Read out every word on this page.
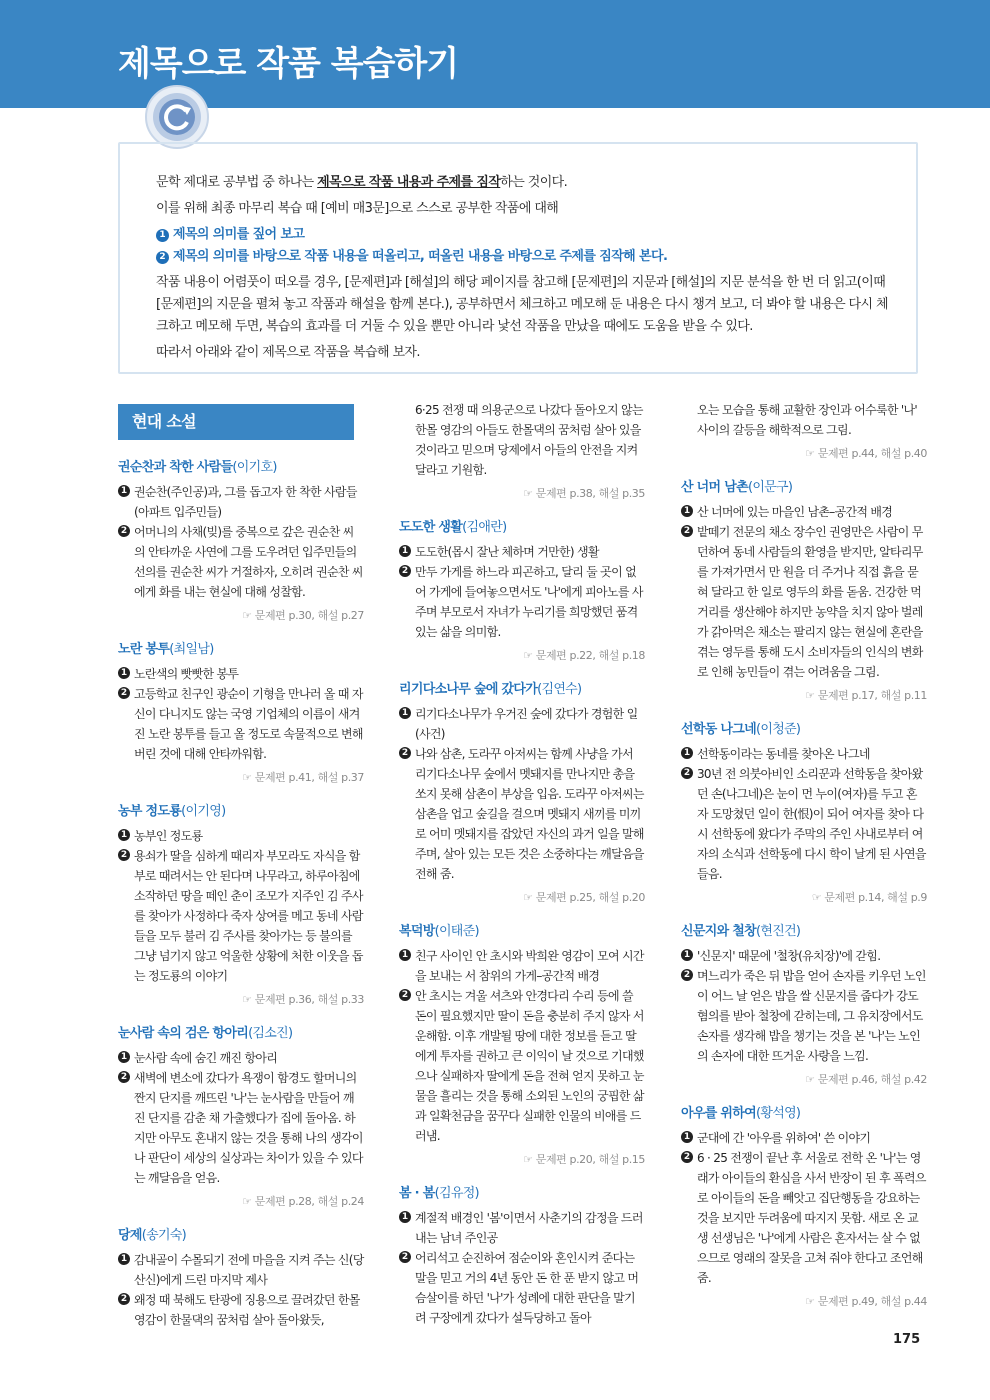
제목으로 작품 복습하기

문학 제대로 공부법 중 하나는 제목으로 작품 내용과 주제를 짐작하는 것이다.

이를 위해 최종 마무리 복습 때 [예비 매3문]으로 스스로 공부한 작품에 대해

1 제목의 의미를 짚어 보고

2 제목의 의미를 바탕으로 작품 내용을 떠올리고, 떠올린 내용을 바탕으로 주제를 짐작해 본다.

작품 내용이 어렴풋이 떠오를 경우, [문제편]과 [해설]의 해당 페이지를 참고해 [문제편]의 지문과 [해설]의 지문 분석을 한 번 더 읽고(이때 [문제편]의 지문을 펼쳐 놓고 작품과 해설을 함께 본다.), 공부하면서 체크하고 메모해 둔 내용은 다시 챙겨 보고, 더 봐야 할 내용은 다시 체크하고 메모해 두면, 복습의 효과를 더 거둘 수 있을 뿐만 아니라 낯선 작품을 만났을 때에도 도움을 받을 수 있다.

따라서 아래와 같이 제목으로 작품을 복습해 보자.

현대 소설

권순찬과 착한 사람들(이기호)

1 권순찬(주인공)과, 그를 돕고자 한 착한 사람들(아파트 입주민들)

2 어머니의 사채(빚)를 중복으로 갚은 권순찬 씨의 안타까운 사연에 그를 도우려던 입주민들의 선의를 권순찬 씨가 거절하자, 오히려 권순찬 씨에게 화를 내는 현실에 대해 성찰함.

☞ 문제편 p.30, 해설 p.27

노란 봉투(최일남)

1 노란색의 빳빳한 봉투

2 고등학교 친구인 광순이 기형을 만나러 올 때 자신이 다니지도 않는 국영 기업체의 이름이 새겨진 노란 봉투를 들고 올 정도로 속물적으로 변해 버린 것에 대해 안타까워함.

☞ 문제편 p.41, 해설 p.37

농부 정도룡(이기영)

1 농부인 정도룡

2 용쇠가 딸을 심하게 때리자 부모라도 자식을 함부로 때려서는 안 된다며 나무라고, 하루아침에 소작하던 땅을 떼인 춘이 조모가 지주인 김 주사를 찾아가 사정하다 죽자 상여를 메고 동네 사람들을 모두 불러 김 주사를 찾아가는 등 불의를 그냥 넘기지 않고 억울한 상황에 처한 이웃을 돕는 정도룡의 이야기

☞ 문제편 p.36, 해설 p.33

눈사람 속의 검은 항아리(김소진)

1 눈사람 속에 숨긴 깨진 항아리

2 새벽에 변소에 갔다가 욕쟁이 함경도 할머니의 짠지 단지를 깨뜨린 '나'는 눈사람을 만들어 깨진 단지를 감춘 채 가출했다가 집에 돌아옴. 하지만 아무도 혼내지 않는 것을 통해 나의 생각이나 판단이 세상의 실상과는 차이가 있을 수 있다는 깨달음을 얻음.

☞ 문제편 p.28, 해설 p.24

당제(송기숙)

1 감내골이 수몰되기 전에 마을을 지켜 주는 신(당산신)에게 드린 마지막 제사

2 왜정 때 북해도 탄광에 징용으로 끌려갔던 한몰 영감이 한물댁의 꿈처럼 살아 돌아왔듯,

6·25 전쟁 때 의용군으로 나갔다 돌아오지 않는 한몰 영감의 아들도 한몰댁의 꿈처럼 살아 있을 것이라고 믿으며 당제에서 아들의 안전을 지켜 달라고 기원함.

☞ 문제편 p.38, 해설 p.35

도도한 생활(김애란)

1 도도한(몹시 잘난 체하며 거만한) 생활

2 만두 가게를 하느라 피곤하고, 달리 둘 곳이 없어 가게에 들여놓으면서도 '나'에게 피아노를 사 주며 부모로서 자녀가 누리기를 희망했던 품격 있는 삶을 의미함.

☞ 문제편 p.22, 해설 p.18

리기다소나무 숲에 갔다가(김연수)

1 리기다소나무가 우거진 숲에 갔다가 경험한 일(사건)

2 나와 삼촌, 도라꾸 아저씨는 함께 사냥을 가서 리기다소나무 숲에서 멧돼지를 만나지만 총을 쏘지 못해 삼촌이 부상을 입음. 도라꾸 아저씨는 삼촌을 업고 숲길을 걸으며 멧돼지 새끼를 미끼로 어미 멧돼지를 잡았던 자신의 과거 일을 말해 주며, 살아 있는 모든 것은 소중하다는 깨달음을 전해 줌.

☞ 문제편 p.25, 해설 p.20

복덕방(이태준)

1 친구 사이인 안 초시와 박희완 영감이 모여 시간을 보내는 서 참위의 가게–공간적 배경

2 안 초시는 겨울 셔츠와 안경다리 수리 등에 쓸 돈이 필요했지만 딸이 돈을 충분히 주지 않자 서운해함. 이후 개발될 땅에 대한 정보를 듣고 딸에게 투자를 권하고 큰 이익이 날 것으로 기대했으나 실패하자 딸에게 돈을 전혀 얻지 못하고 눈물을 흘리는 것을 통해 소외된 노인의 궁핍한 삶과 일확천금을 꿈꾸다 실패한 인물의 비애를 드러냄.

☞ 문제편 p.20, 해설 p.15

봄 · 봄(김유정)

1 계절적 배경인 '봄'이면서 사춘기의 감정을 드러내는 남녀 주인공

2 어리석고 순진하여 점순이와 혼인시켜 준다는 말을 믿고 거의 4년 동안 돈 한 푼 받지 않고 머슴살이를 하던 '나'가 성례에 대한 판단을 말기려 구장에게 갔다가 설득당하고 돌아

오는 모습을 통해 교활한 장인과 어수룩한 '나' 사이의 갈등을 해학적으로 그림.

☞ 문제편 p.44, 해설 p.40

산 너머 남촌(이문구)

1 산 너머에 있는 마을인 남촌–공간적 배경

2 밭떼기 전문의 채소 장수인 권영만은 사람이 무던하여 동네 사람들의 환영을 받지만, 알타리무를 가져가면서 만 원을 더 주거나 직접 흙을 묻혀 달라고 한 일로 영두의 화를 돋움. 건강한 먹거리를 생산해야 하지만 농약을 치지 않아 벌레가 갉아먹은 채소는 팔리지 않는 현실에 혼란을 겪는 영두를 통해 도시 소비자들의 인식의 변화로 인해 농민들이 겪는 어려움을 그림.

☞ 문제편 p.17, 해설 p.11

선학동 나그네(이청준)

1 선학동이라는 동네를 찾아온 나그네

2 30년 전 의붓아비인 소리꾼과 선학동을 찾아왔던 손(나그네)은 눈이 먼 누이(여자)를 두고 혼자 도망쳤던 일이 한(恨)이 되어 여자를 찾아 다시 선학동에 왔다가 주막의 주인 사내로부터 여자의 소식과 선학동에 다시 학이 날게 된 사연을 들음.

☞ 문제편 p.14, 해설 p.9

신문지와 철창(현진건)

1 '신문지' 때문에 '철창(유치장)'에 갇힘.

2 며느리가 죽은 뒤 밥을 얻어 손자를 키우던 노인이 어느 날 얻은 밥을 쌀 신문지를 줍다가 강도 혐의를 받아 철창에 갇히는데, 그 유치장에서도 손자를 생각해 밥을 챙기는 것을 본 '나'는 노인의 손자에 대한 뜨거운 사랑을 느낌.

☞ 문제편 p.46, 해설 p.42

아우를 위하여(황석영)

1 군대에 간 '아우를 위하여' 쓴 이야기

2 6 · 25 전쟁이 끝난 후 서울로 전학 온 '나'는 영래가 아이들의 환심을 사서 반장이 된 후 폭력으로 아이들의 돈을 빼앗고 집단행동을 강요하는 것을 보지만 두려움에 따지지 못함. 새로 온 교생 선생님은 '나'에게 사람은 혼자서는 살 수 없으므로 영래의 잘못을 고쳐 줘야 한다고 조언해 줌.

☞ 문제편 p.49, 해설 p.44

175
